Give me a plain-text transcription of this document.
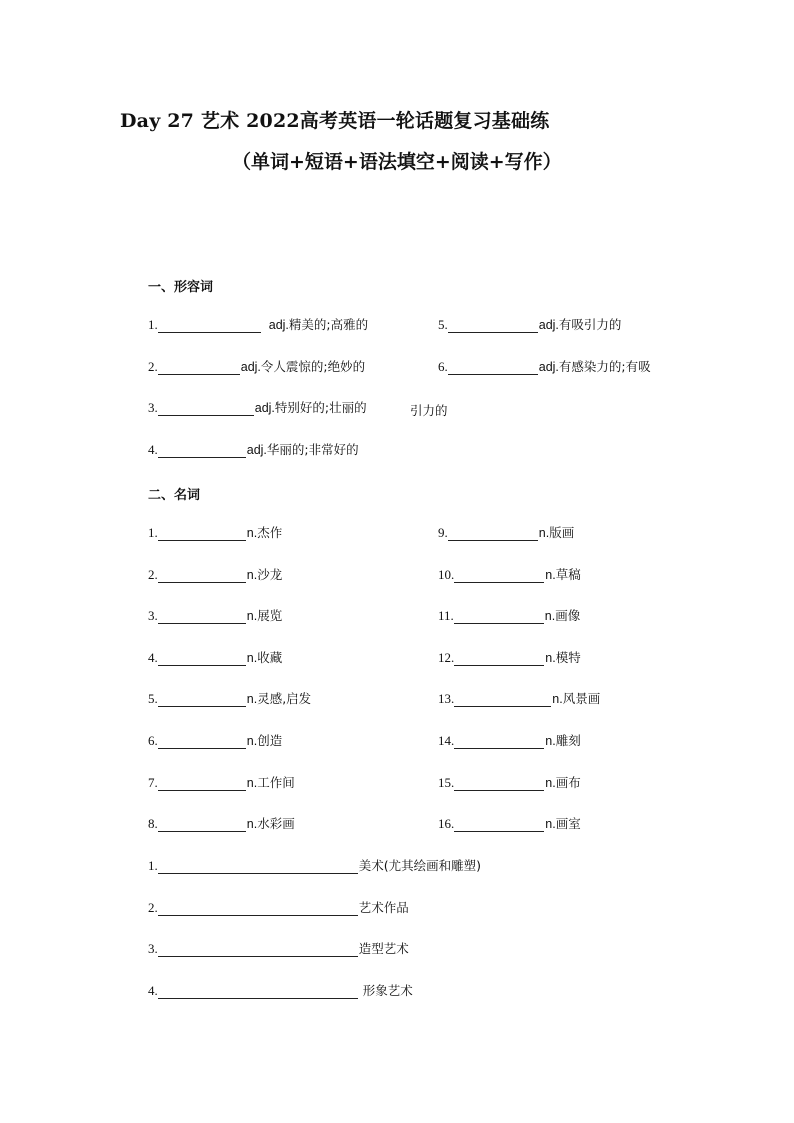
Day 27 艺术 2022高考英语一轮话题复习基础练
（单词+短语+语法填空+阅读+写作）
一、形容词
1.	adj. 精美的;高雅的
2.	adj. 令人震惊的;绝妙的
3.	adj. 特别好的;壮丽的
4.	adj. 华丽的;非常好的
5.	adj. 有吸引力的
6.	adj. 有感染力的;有吸
引力的
二、名词
1.	n. 杰作
2.	n. 沙龙
3.	n. 展览
4.	n. 收藏
5.	n. 灵感,启发
6.	n. 创造
7.	n. 工作间
8.	n. 水彩画
9.	n. 版画
10.	n. 草稿
11.	n. 画像
12.	n. 模特
13.	n. 风景画
14.	n. 雕刻
15.	n. 画布
16.	n. 画室
1.	美术(尤其绘画和雕塑)
2.	艺术作品
3.	造型艺术
4.	形象艺术
